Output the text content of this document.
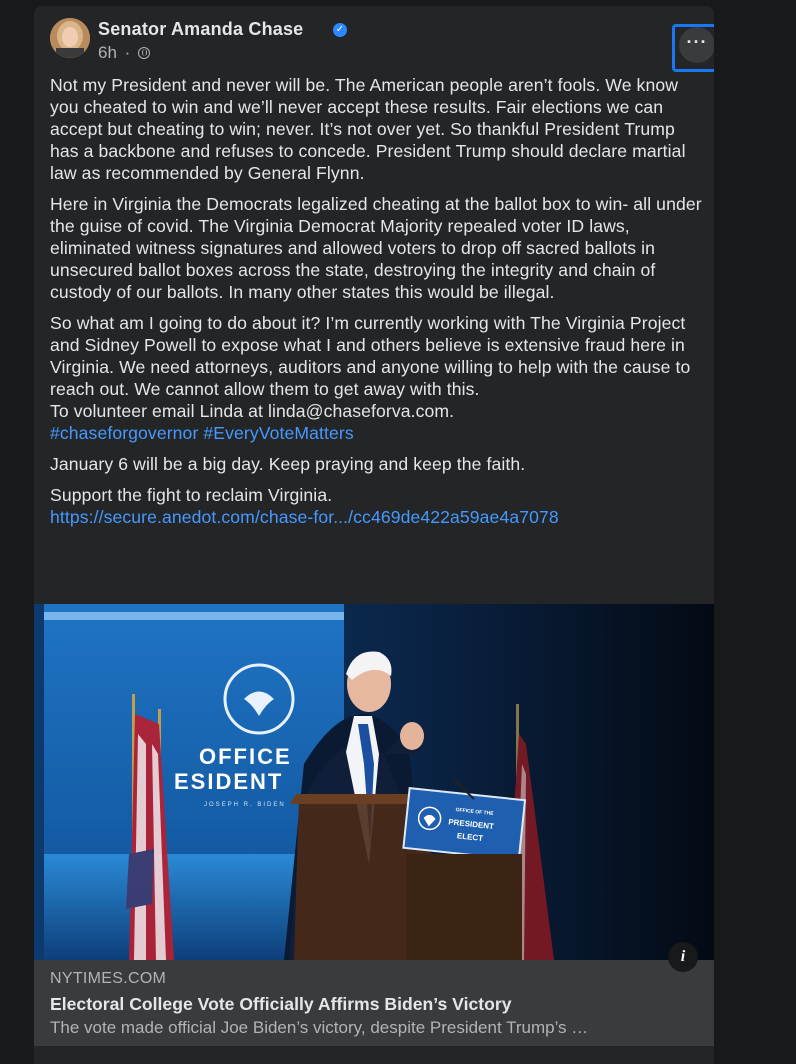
Senator Amanda Chase	✓
6h ·
···

Not my President and never will be. The American people aren’t fools. We know you cheated to win and we’ll never accept these results. Fair elections we can accept but cheating to win; never. It’s not over yet. So thankful President Trump has a backbone and refuses to concede. President Trump should declare martial law as recommended by General Flynn.

Here in Virginia the Democrats legalized cheating at the ballot box to win- all under the guise of covid. The Virginia Democrat Majority repealed voter ID laws, eliminated witness signatures and allowed voters to drop off sacred ballots in unsecured ballot boxes across the state, destroying the integrity and chain of custody of our ballots. In many other states this would be illegal.

So what am I going to do about it? I’m currently working with The Virginia Project and Sidney Powell to expose what I and others believe is extensive fraud here in Virginia. We need attorneys, auditors and anyone willing to help with the cause to reach out. We cannot allow them to get away with this.

To volunteer email Linda at linda@chaseforva.com.

#chaseforgovernor #EveryVoteMatters

January 6 will be a big day. Keep praying and keep the faith.

Support the fight to reclaim Virginia.
https://secure.anedot.com/chase-for.../cc469de422a59ae4a7078
OFFICE
ESIDENT
JOSEPH R. BIDEN
OFFICE OF THE
PRESIDENT
ELECT
NYTIMES.COM
Electoral College Vote Officially Affirms Biden’s Victory
The vote made official Joe Biden’s victory, despite President Trump’s …
i
